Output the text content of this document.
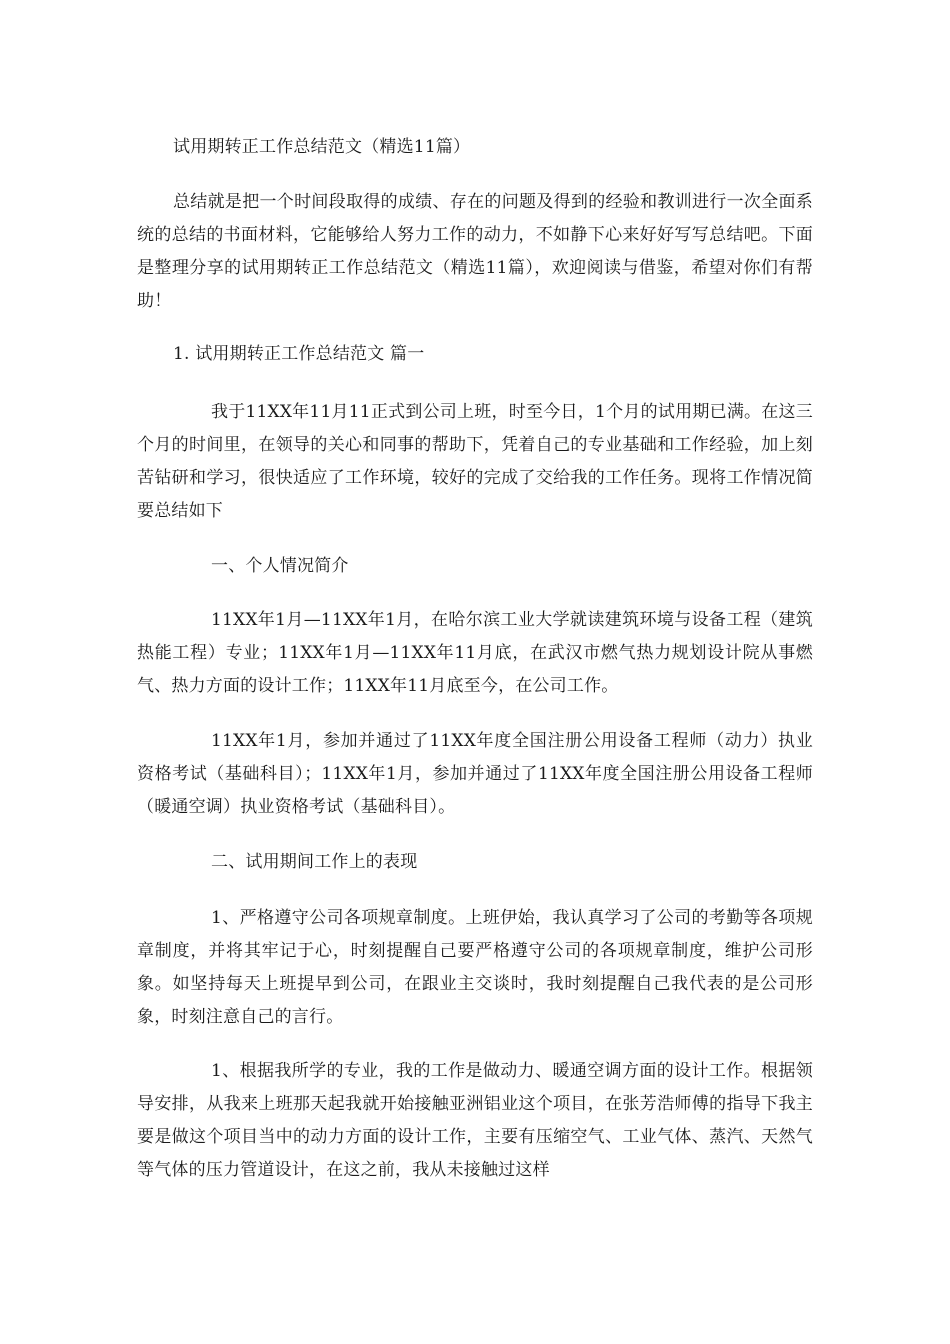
试用期转正工作总结范文（精选11篇）

总结就是把一个时间段取得的成绩、存在的问题及得到的经验和教训进行一次全面系统的总结的书面材料，它能够给人努力工作的动力，不如静下心来好好写写总结吧。下面是整理分享的试用期转正工作总结范文（精选11篇），欢迎阅读与借鉴，希望对你们有帮助！

1. 试用期转正工作总结范文 篇一

我于11XX年11月11正式到公司上班，时至今日，1个月的试用期已满。在这三个月的时间里，在领导的关心和同事的帮助下，凭着自己的专业基础和工作经验，加上刻苦钻研和学习，很快适应了工作环境，较好的完成了交给我的工作任务。现将工作情况简要总结如下

一、个人情况简介

11XX年1月—11XX年1月，在哈尔滨工业大学就读建筑环境与设备工程（建筑热能工程）专业；11XX年1月—11XX年11月底，在武汉市燃气热力规划设计院从事燃气、热力方面的设计工作；11XX年11月底至今，在公司工作。

11XX年1月，参加并通过了11XX年度全国注册公用设备工程师（动力）执业资格考试（基础科目）；11XX年1月，参加并通过了11XX年度全国注册公用设备工程师（暖通空调）执业资格考试（基础科目）。

二、试用期间工作上的表现

1、严格遵守公司各项规章制度。上班伊始，我认真学习了公司的考勤等各项规章制度，并将其牢记于心，时刻提醒自己要严格遵守公司的各项规章制度，维护公司形象。如坚持每天上班提早到公司，在跟业主交谈时，我时刻提醒自己我代表的是公司形象，时刻注意自己的言行。

1、根据我所学的专业，我的工作是做动力、暖通空调方面的设计工作。根据领导安排，从我来上班那天起我就开始接触亚洲铝业这个项目，在张芳浩师傅的指导下我主要是做这个项目当中的动力方面的设计工作，主要有压缩空气、工业气体、蒸汽、天然气等气体的压力管道设计，在这之前，我从未接触过这样
